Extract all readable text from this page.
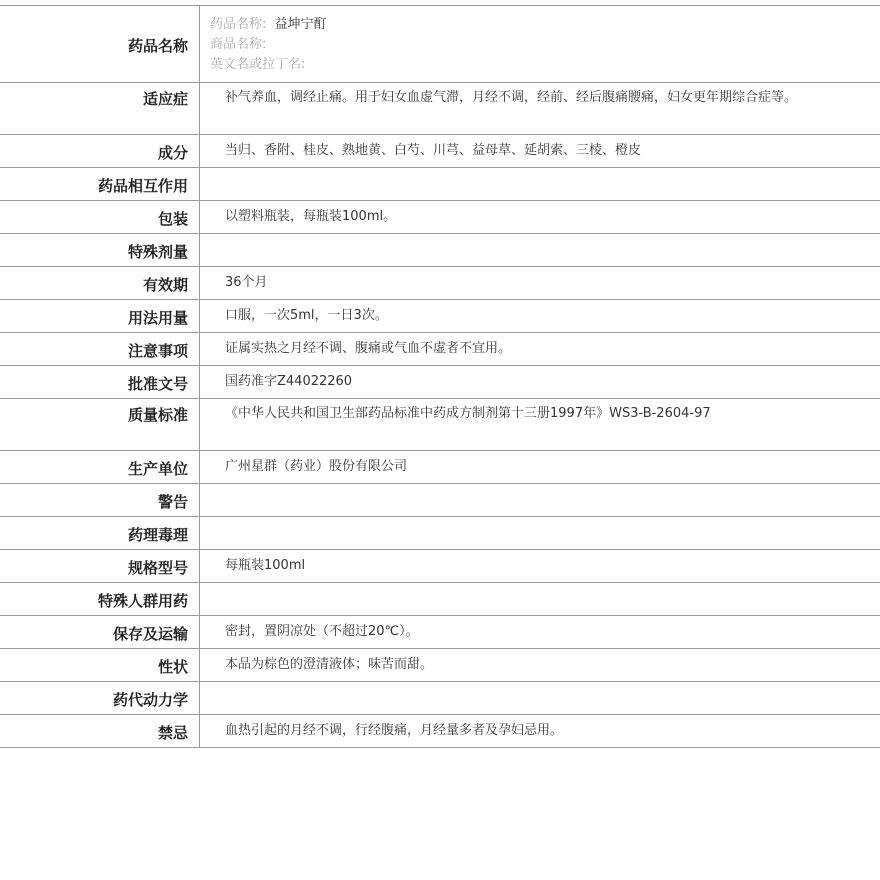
药品名称
药品名称: 益坤宁酊
商品名称:
英文名或拉丁名:
适应症	补气养血，调经止痛。用于妇女血虚气滞，月经不调，经前、经后腹痛腰痛，妇女更年期综合症等。
成分	当归、香附、桂皮、熟地黄、白芍、川芎、益母草、延胡索、三棱、橙皮
药品相互作用
包装	以塑料瓶装，每瓶装100ml。
特殊剂量
有效期	36个月
用法用量	口服，一次5ml，一日3次。
注意事项	证属实热之月经不调、腹痛或气血不虚者不宜用。
批准文号	国药准字Z44022260
质量标准	《中华人民共和国卫生部药品标准中药成方制剂第十三册1997年》WS3-B-2604-97
生产单位	广州星群（药业）股份有限公司
警告
药理毒理
规格型号	每瓶装100ml
特殊人群用药
保存及运输	密封，置阴凉处（不超过20℃）。
性状	本品为棕色的澄清液体；味苦而甜。
药代动力学
禁忌	血热引起的月经不调，行经腹痛，月经量多者及孕妇忌用。
